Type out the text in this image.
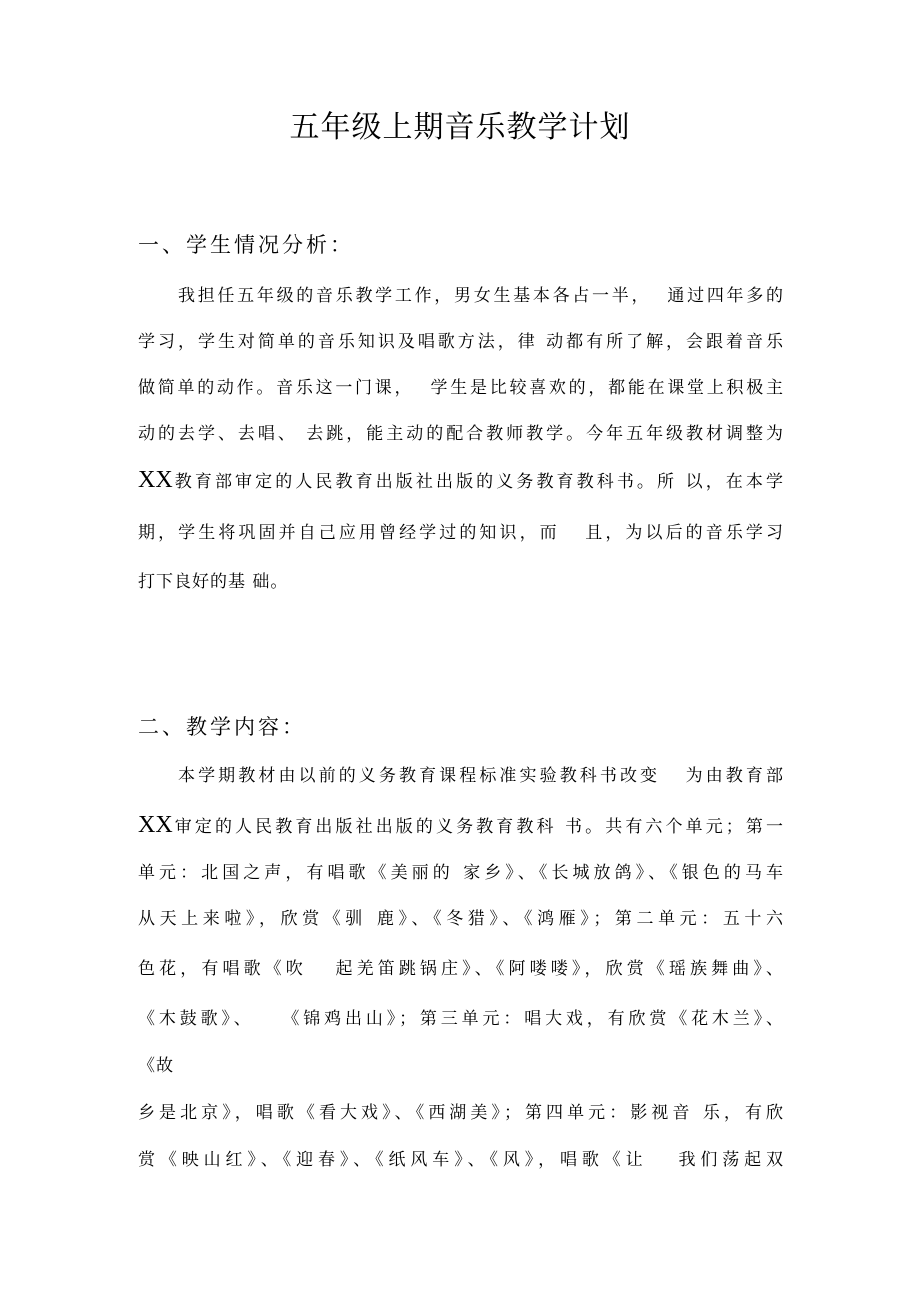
五年级上期音乐教学计划
一、学生情况分析：
我担任五年级的音乐教学工作，男女生基本各占一半，  通过四年多的
学习，学生对简单的音乐知识及唱歌方法，律 动都有所了解，会跟着音乐
做简单的动作。音乐这一门课，  学生是比较喜欢的，都能在课堂上积极主
动的去学、去唱、 去跳，能主动的配合教师教学。今年五年级教材调整为
XX教育部审定的人民教育出版社出版的义务教育教科书。所 以，在本学
期，学生将巩固并自己应用曾经学过的知识，而   且，为以后的音乐学习
打下良好的基 础。
二、教学内容：
本学期教材由以前的义务教育课程标准实验教科书改变   为由教育部
XX审定的人民教育出版社出版的义务教育教科 书。共有六个单元；第一
单元：北国之声，有唱歌《美丽的 家乡》、《长城放鸽》、《银色的马车
从天上来啦》，欣赏《驯 鹿》、《冬猎》、《鸿雁》；第二单元：五十六
色花，有唱歌《吹   起羌笛跳锅庄》、《阿喽喽》，欣赏《瑶族舞曲》、
《木鼓歌》、   《锦鸡出山》；第三单元：唱大戏，有欣赏《花木兰》、
《故
乡是北京》，唱歌《看大戏》、《西湖美》；第四单元：影视音 乐，有欣
赏《映山红》、《迎春》、《纸风车》、《风》，唱歌《让   我们荡起双
